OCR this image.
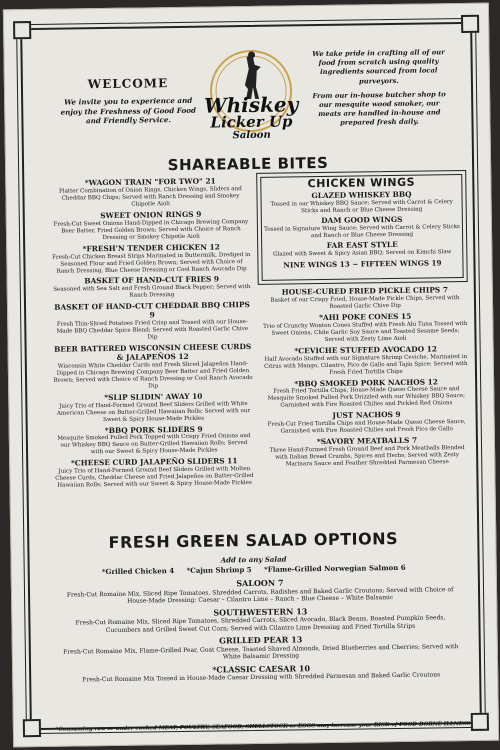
WELCOME

We invite you to experience and enjoy the Freshness of Good Food and Friendly Service.

Whiskey
Licker Up
Saloon

We take pride in crafting all of our food from scratch using quality ingredients sourced from local purveyors.

From our in-house butcher shop to our mesquite wood smoker, our meats are handled in-house and prepared fresh daily.

SHAREABLE BITES
*WAGON TRAIN "FOR TWO" 21
Platter Combination of Onion Rings, Chicken Wings, Sliders and Cheddar BBQ Chips; Served with Ranch Dressing and Smokey Chipotle Aioli
SWEET ONION RINGS 9
Fresh-Cut Sweet Onions Hand-Dipped in Chicago Brewing Company Beer Batter, Fried Golden Brown; Served with Choice of Ranch Dressing or Smokey Chipotle Aioli
*FRESH'N TENDER CHICKEN 12
Fresh-Cut Chicken Breast Strips Marinated in Buttermilk, Dredged in Seasoned Flour and Fried Golden Brown; Served with Choice of Ranch Dressing, Blue Cheese Dressing or Cool Ranch Avocado Dip
BASKET OF HAND-CUT FRIES 9
Seasoned with Sea Salt and Fresh Ground Black Pepper; Served with Ranch Dressing
BASKET OF HAND-CUT CHEDDAR BBQ CHIPS 9
Fresh Thin-Sliced Potatoes Fried Crisp and Tossed with our House-Made BBQ Cheddar Spice Blend; Served with Roasted Garlic Chive Dip
BEER BATTERED WISCONSIN CHEESE CURDS & JALAPEÑOS 12
Wisconsin White Cheddar Curds and Fresh Sliced Jalapeños Hand-Dipped in Chicago Brewing Company Beer Batter and Fried Golden Brown; Served with Choice of Ranch Dressing or Cool Ranch Avocado Dip
*SLIP SLIDIN' AWAY 10
Juicy Trio of Hand-Formed Ground Beef Sliders Grilled with White American Cheese on Butter-Grilled Hawaiian Rolls; Served with our Sweet & Spicy House-Made Pickles
*BBQ PORK SLIDERS 9
Mesquite Smoked Pulled Pork Topped with Crispy Fried Onions and our Whiskey BBQ Sauce on Butter-Grilled Hawaiian Rolls; Served with our Sweet & Spicy House-Made Pickles
*CHEESE CURD JALAPEÑO SLIDERS 11
Juicy Trio of Hand-Formed Ground Beef Sliders Grilled with Molten Cheese Curds, Cheddar Cheese and Fried Jalapeños on Butter-Grilled Hawaiian Rolls; Served with our Sweet & Spicy House-Made Pickles
CHICKEN WINGS
GLAZED WHISKEY BBQ
Tossed in our Whiskey BBQ Sauce; Served with Carrot & Celery Sticks and Ranch or Blue Cheese Dressing
DAM GOOD WINGS
Tossed in Signature Wing Sauce; Served with Carrot & Celery Sticks and Ranch or Blue Cheese Dressing
FAR EAST STYLE
Glazed with Sweet & Spicy Asian BBQ; Served on Kimchi Slaw
NINE WINGS 13 ~ FIFTEEN WINGS 19
HOUSE-CURED FRIED PICKLE CHIPS 7
Basket of our Crispy Fried, House-Made Pickle Chips, Served with Roasted Garlic Chive Dip
*AHI POKE CONES 15
Trio of Crunchy Wonton Cones Stuffed with Fresh Ahi Tuna Tossed with Sweet Onions, Chile Garlic Soy Sauce and Toasted Sesame Seeds; Served with Zesty Lime Aioli
*CEVICHE STUFFED AVOCADO 12
Half Avocado Stuffed with our Signature Shrimp Ceviche, Marinated in Citrus with Mango, Cilantro, Pico de Gallo and Tajín Spice; Served with Fresh Fried Tortilla Chips
*BBQ SMOKED PORK NACHOS 12
Fresh Fried Tortilla Chips, House-Made Queso Cheese Sauce and Mesquite Smoked Pulled Pork Drizzled with our Whiskey BBQ Sauce; Garnished with Fire Roasted Chilies and Pickled Red Onions
JUST NACHOS 9
Fresh-Cut Fried Tortilla Chips and House-Made Queso Cheese Sauce, Garnished with Fire Roasted Chilies and Fresh Pico de Gallo
*SAVORY MEATBALLS 7
Three Hand-Formed Fresh Ground Beef and Pork Meatballs Blended with Italian Bread Crumbs, Spices and Herbs; Served with Zesty Marinara Sauce and Feather Shredded Parmesan Cheese
FRESH GREEN SALAD OPTIONS
Add to any Salad
*Grilled Chicken 4 *Cajun Shrimp 5 *Flame-Grilled Norwegian Salmon 6
SALOON 7
Fresh-Cut Romaine Mix, Sliced Ripe Tomatoes, Shredded Carrots, Radishes and Baked Garlic Croutons; Served with Choice of House-Made Dressing: Caesar – Cilantro Lime – Ranch – Blue Cheese – White Balsamic
SOUTHWESTERN 13
Fresh-Cut Romaine Mix, Sliced Ripe Tomatoes, Shredded Carrots, Sliced Avocado, Black Beans, Roasted Pumpkin Seeds, Cucumbers and Grilled Sweet Cut Corn; Served with Cilantro Lime Dressing and Fried Tortilla Strips
GRILLED PEAR 13
Fresh-Cut Romaine Mix, Flame-Grilled Pear, Goat Cheese, Toasted Shaved Almonds, Dried Blueberries and Cherries; Served with White Balsamic Dressing
*CLASSIC CAESAR 10
Fresh-Cut Romaine Mix Tossed in House-Made Caesar Dressing with Shredded Parmesan and Baked Garlic Croutons
*Consuming raw or under cooked MEAT, POULTRY, SEAFOOD, SHELLSTOCK or EGGS may increase your RISK of FOOD BORNE ILLNESS.
